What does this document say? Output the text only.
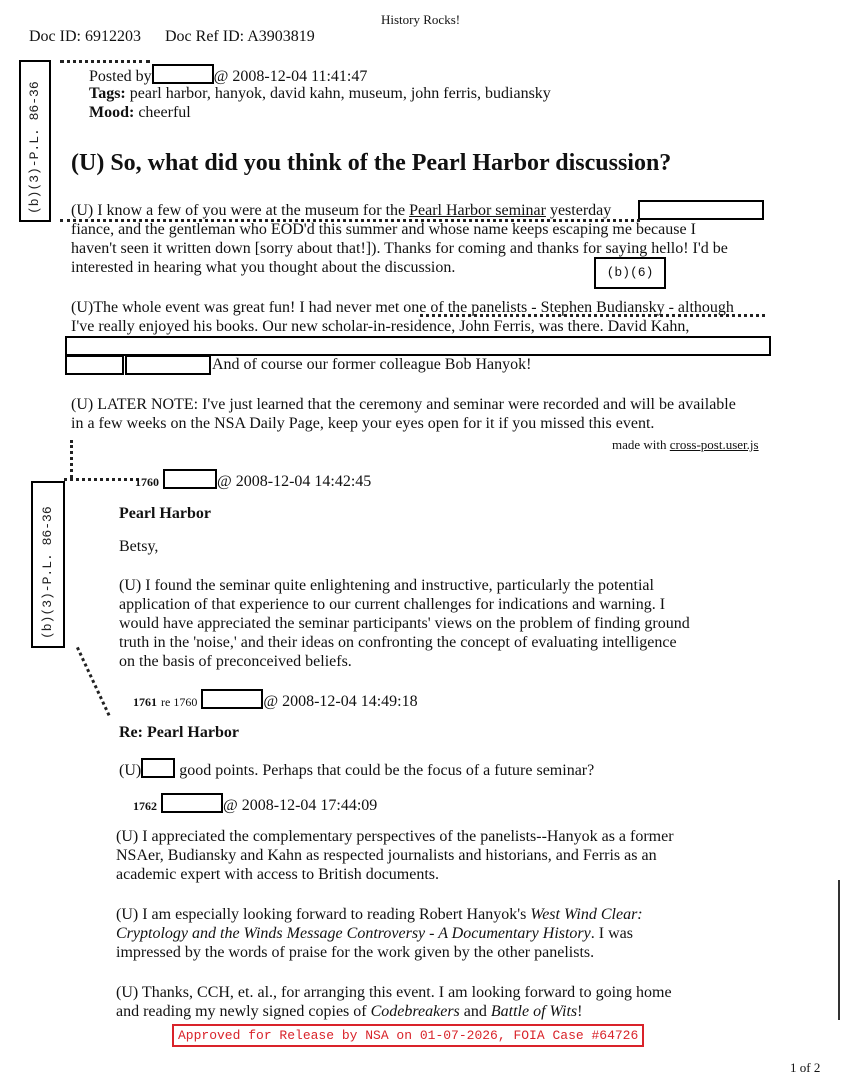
History Rocks!
Doc ID: 6912203 Doc Ref ID: A3903819
(b)(3)-P.L. 86-36
Posted by	@ 2008-12-04 11:41:47
Tags: pearl harbor, hanyok, david kahn, museum, john ferris, budiansky
Mood: cheerful
(U) So, what did you think of the Pearl Harbor discussion?
(U) I know a few of you were at the museum for the Pearl Harbor seminar yesterday
fiance, and the gentleman who EOD'd this summer and whose name keeps escaping me because I
haven't seen it written down [sorry about that!]). Thanks for coming and thanks for saying hello! I'd be
interested in hearing what you thought about the discussion.	(b)(6)
(U)The whole event was great fun! I had never met one of the panelists - Stephen Budiansky - although
I've really enjoyed his books. Our new scholar-in-residence, John Ferris, was there. David Kahn,
And of course our former colleague Bob Hanyok!
(U) LATER NOTE: I've just learned that the ceremony and seminar were recorded and will be available
in a few weeks on the NSA Daily Page, keep your eyes open for it if you missed this event.
made with cross-post.user.js
(b)(3)-P.L. 86-36
1760	@ 2008-12-04 14:42:45
Pearl Harbor
Betsy,
(U) I found the seminar quite enlightening and instructive, particularly the potential
application of that experience to our current challenges for indications and warning. I
would have appreciated the seminar participants' views on the problem of finding ground
truth in the 'noise,' and their ideas on confronting the concept of evaluating intelligence
on the basis of preconceived beliefs.
1761 re 1760	@ 2008-12-04 14:49:18
Re: Pearl Harbor
(U) good points. Perhaps that could be the focus of a future seminar?
1762	@ 2008-12-04 17:44:09
(U) I appreciated the complementary perspectives of the panelists--Hanyok as a former
NSAer, Budiansky and Kahn as respected journalists and historians, and Ferris as an
academic expert with access to British documents.
(U) I am especially looking forward to reading Robert Hanyok's West Wind Clear:
Cryptology and the Winds Message Controversy - A Documentary History. I was
impressed by the words of praise for the work given by the other panelists.
(U) Thanks, CCH, et. al., for arranging this event. I am looking forward to going home
and reading my newly signed copies of Codebreakers and Battle of Wits!
Approved for Release by NSA on 01-07-2026, FOIA Case #64726
1 of 2
